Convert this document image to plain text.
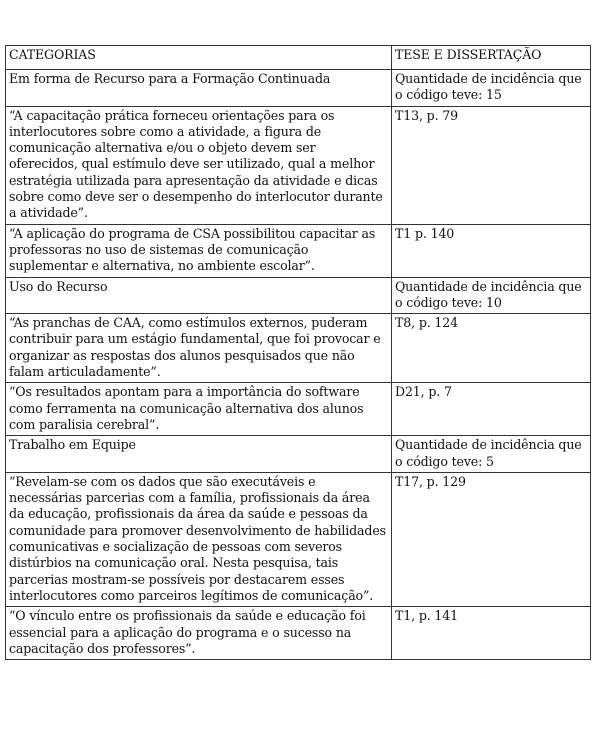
CATEGORIAS	TESE E DISSERTAÇÃO
Em forma de Recurso para a Formação Continuada	Quantidade de incidência que o código teve: 15
“A capacitação prática forneceu orientações para os interlocutores sobre como a atividade, a figura de comunicação alternativa e/ou o objeto devem ser oferecidos, qual estímulo deve ser utilizado, qual a melhor estratégia utilizada para apresentação da atividade e dicas sobre como deve ser o desempenho do interlocutor durante a atividade”.	T13, p. 79
“A aplicação do programa de CSA possibilitou capacitar as professoras no uso de sistemas de comunicação suplementar e alternativa, no ambiente escolar”.	T1 p. 140
Uso do Recurso	Quantidade de incidência que o código teve: 10
“As pranchas de CAA, como estímulos externos, puderam contribuir para um estágio fundamental, que foi provocar e organizar as respostas dos alunos pesquisados que não falam articuladamente”.	T8, p. 124
“Os resultados apontam para a importância do software como ferramenta na comunicação alternativa dos alunos com paralisia cerebral”.	D21, p. 7
Trabalho em Equipe	Quantidade de incidência que o código teve: 5
“Revelam-se com os dados que são executáveis e necessárias parcerias com a família, profissionais da área da educação, profissionais da área da saúde e pessoas da comunidade para promover desenvolvimento de habilidades comunicativas e socialização de pessoas com severos distúrbios na comunicação oral. Nesta pesquisa, tais parcerias mostram-se possíveis por destacarem esses interlocutores como parceiros legítimos de comunicação”.	T17, p. 129
“O vínculo entre os profissionais da saúde e educação foi essencial para a aplicação do programa e o sucesso na capacitação dos professores”.	T1, p. 141
